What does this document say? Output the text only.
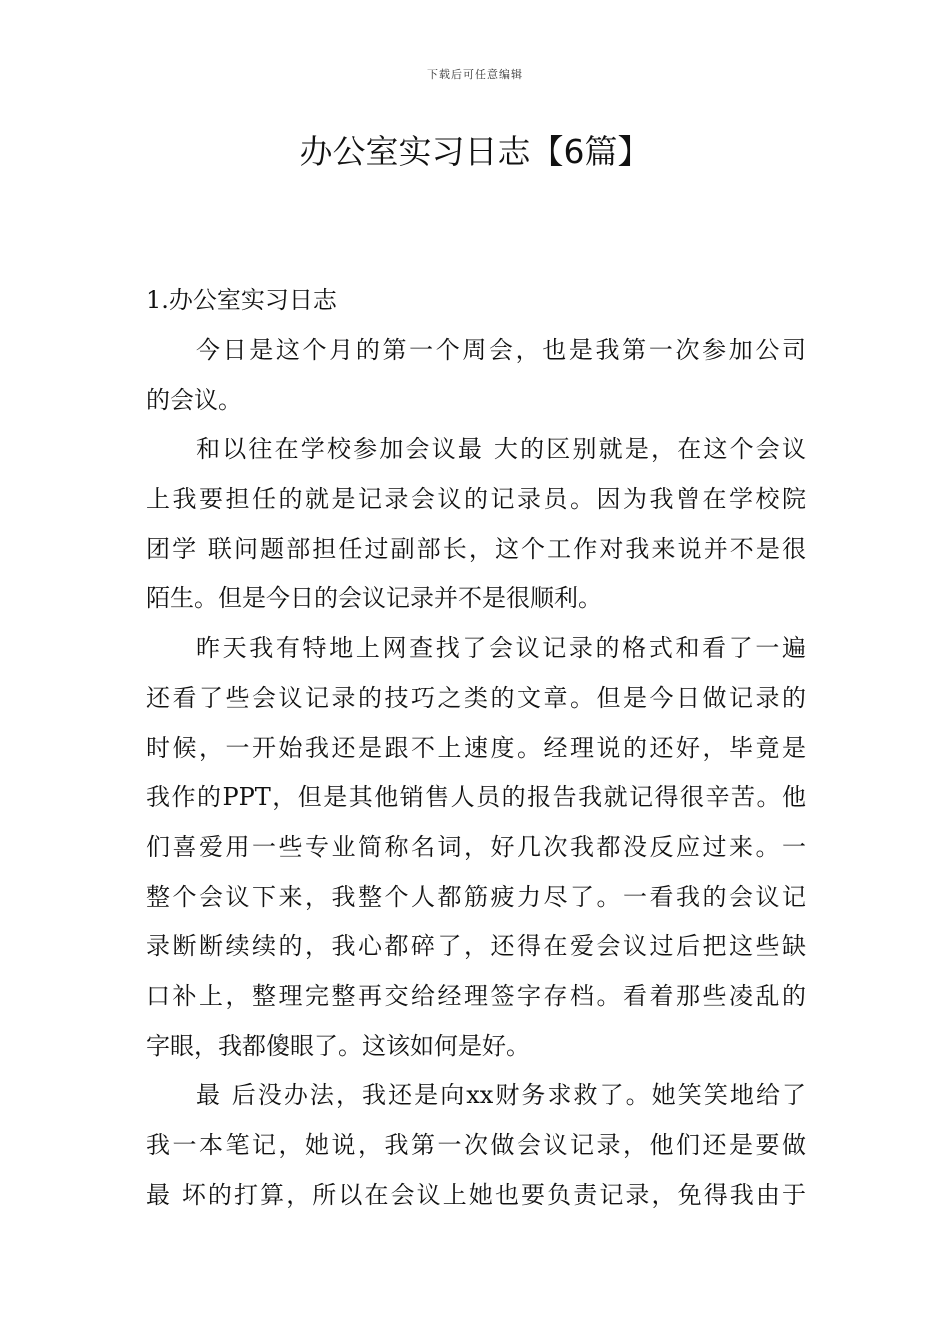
下载后可任意编辑
办公室实习日志【6篇】
1.办公室实习日志
今日是这个月的第一个周会，也是我第一次参加公司
的会议。
和以往在学校参加会议最 大的区别就是，在这个会议
上我要担任的就是记录会议的记录员。因为我曾在学校院
团学 联问题部担任过副部长，这个工作对我来说并不是很
陌生。但是今日的会议记录并不是很顺利。
昨天我有特地上网查找了会议记录的格式和看了一遍
还看了些会议记录的技巧之类的文章。但是今日做记录的
时候，一开始我还是跟不上速度。经理说的还好，毕竟是
我作的PPT，但是其他销售人员的报告我就记得很辛苦。他
们喜爱用一些专业简称名词，好几次我都没反应过来。一
整个会议下来，我整个人都筋疲力尽了。一看我的会议记
录断断续续的，我心都碎了，还得在爱会议过后把这些缺
口补上，整理完整再交给经理签字存档。看着那些凌乱的
字眼，我都傻眼了。这该如何是好。
最 后没办法，我还是向xx财务求救了。她笑笑地给了
我一本笔记，她说，我第一次做会议记录，他们还是要做
最 坏的打算，所以在会议上她也要负责记录，免得我由于
